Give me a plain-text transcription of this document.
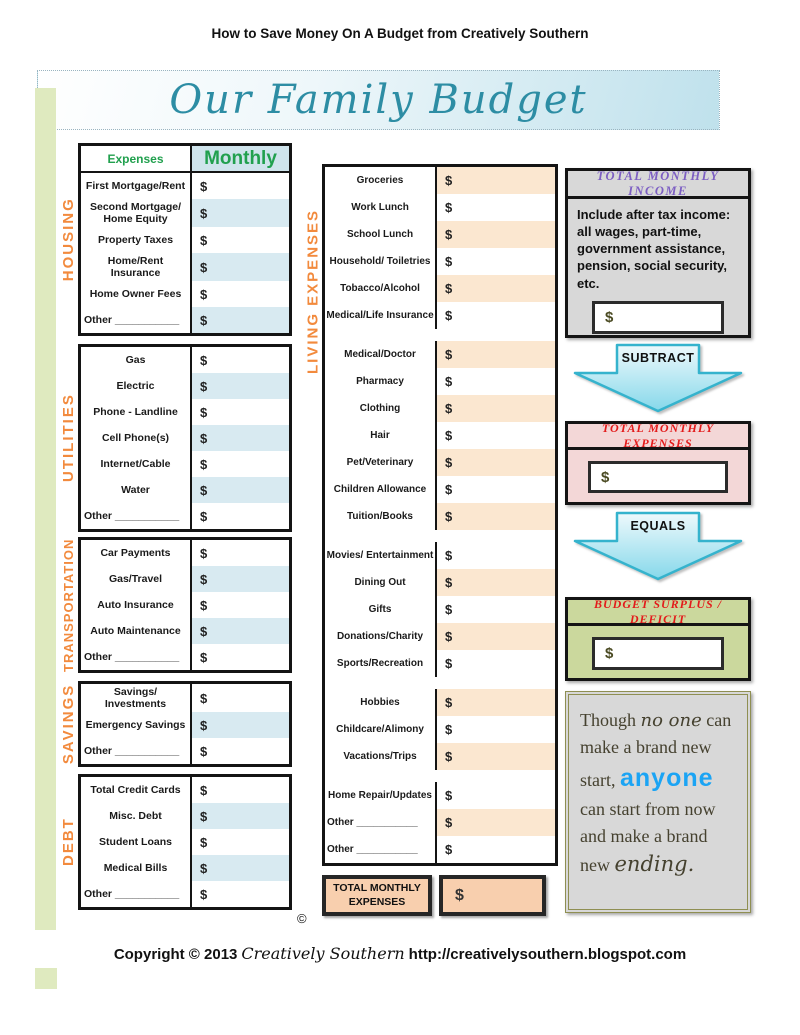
How to Save Money On A Budget from Creatively Southern
Our Family Budget
HOUSING
Expenses	Monthly
First Mortgage/Rent	$
Second Mortgage/ Home Equity	$
Property Taxes	$
Home/Rent Insurance	$
Home Owner Fees	$
Other ___________	$
UTILITIES
Gas	$
Electric	$
Phone - Landline	$
Cell Phone(s)	$
Internet/Cable	$
Water	$
Other ___________	$
TRANSPORTATION	Car Payments	$
Gas/Travel	$
Auto Insurance	$
Auto Maintenance	$
Other ___________	$
SAVINGS	Savings/ Investments	$
Emergency Savings	$
Other ___________	$
DEBT
Total Credit Cards	$
Misc. Debt	$
Student Loans	$
Medical Bills	$
Other ___________	$
©
LIVING EXPENSES
Groceries	$
Work Lunch	$
School Lunch	$
Household/ Toiletries	$
Tobacco/Alcohol	$
Medical/Life Insurance $
Medical/Doctor	$
Pharmacy	$
Clothing	$
Hair	$
Pet/Veterinary	$
Children Allowance	$
Tuition/Books	$
Movies/ Entertainment $
Dining Out	$
Gifts	$
Donations/Charity	$
Sports/Recreation	$
Hobbies	$
Childcare/Alimony	$
Vacations/Trips	$
Home Repair/Updates	$
Other ___________	$
Other ___________	$
TOTAL MONTHLY EXPENSES	$
TOTAL MONTHLY INCOME
Include after tax income: all wages, part-time, government assistance, pension, social security, etc.
$
SUBTRACT
TOTAL MONTHLY EXPENSES
$
EQUALS
BUDGET SURPLUS / DEFICIT
$
Though no one can make a brand new start, anyone can start from now and make a brand new ending.
Copyright © 2013 Creatively Southern http://creativelysouthern.blogspot.com
